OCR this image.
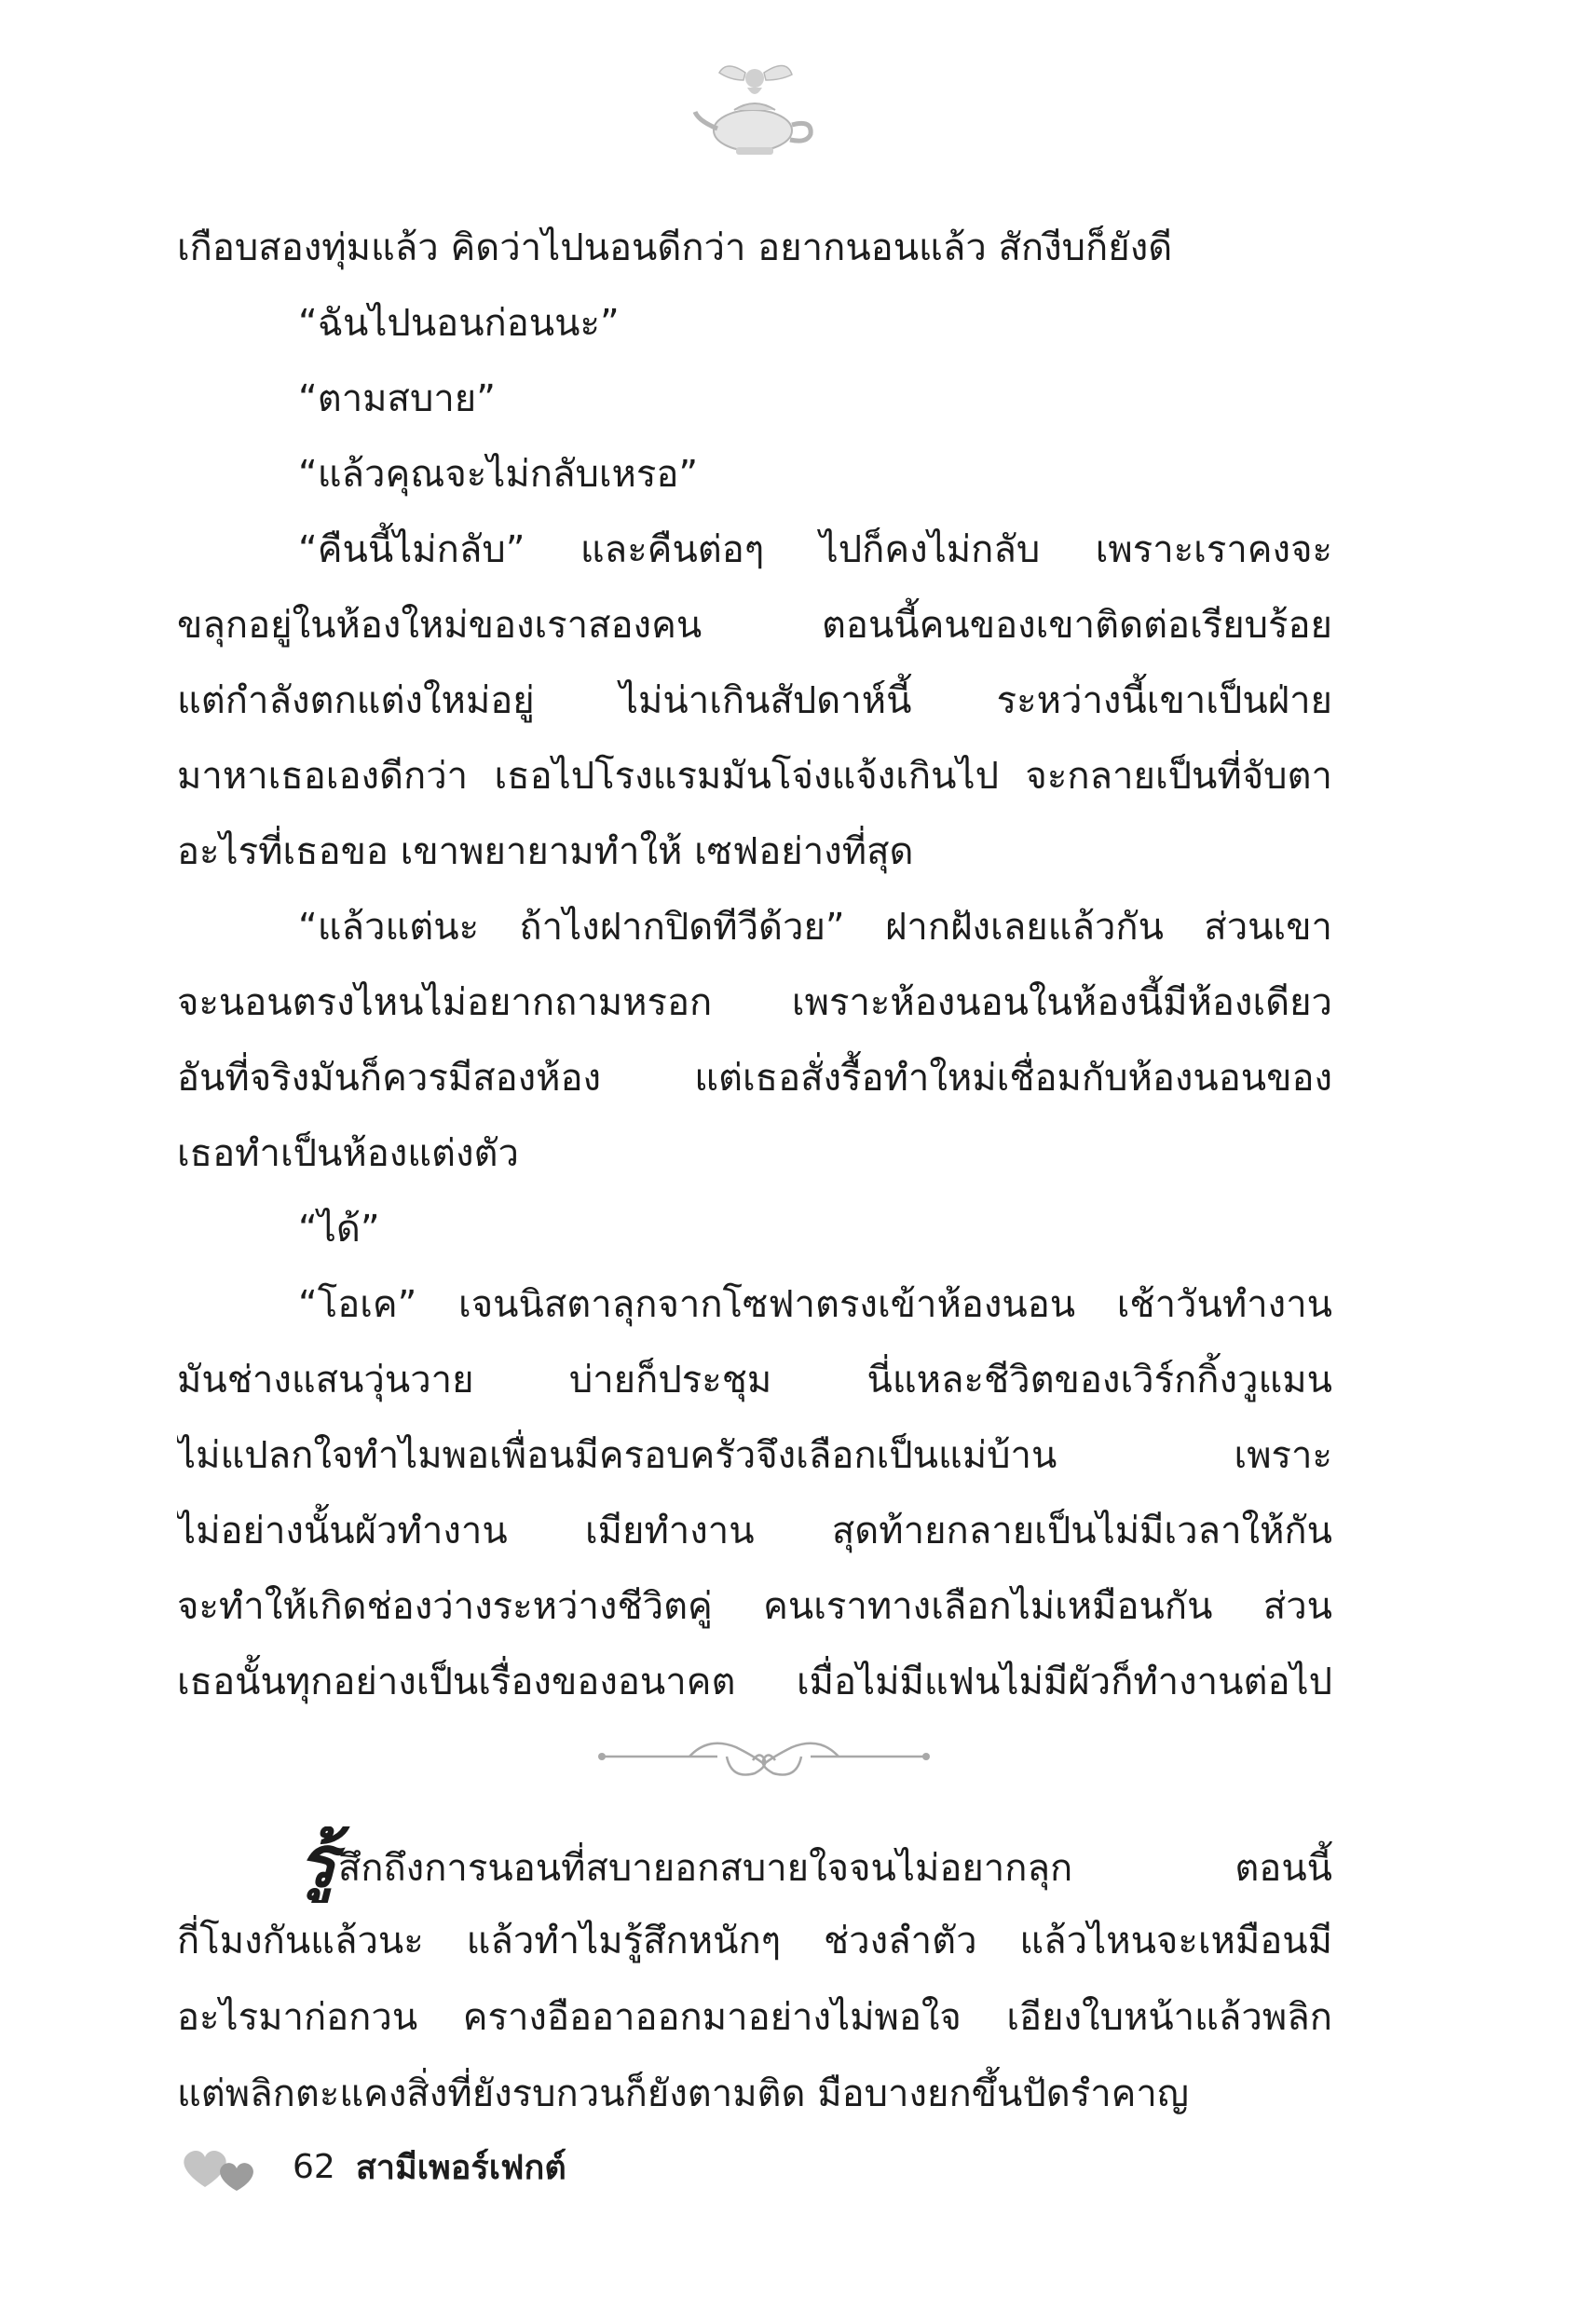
เกือบสองทุ่มแล้ว คิดว่าไปนอนดีกว่า อยากนอนแล้ว สักงีบก็ยังดี
“ฉันไปนอนก่อนนะ”
“ตามสบาย”
“แล้วคุณจะไม่กลับเหรอ”
“คืนนี้ไม่กลับ” และคืนต่อๆ ไปก็คงไม่กลับ เพราะเราคงจะ
ขลุกอยู่ในห้องใหม่ของเราสองคน ตอนนี้คนของเขาติดต่อเรียบร้อย
แต่กำลังตกแต่งใหม่อยู่ ไม่น่าเกินสัปดาห์นี้ ระหว่างนี้เขาเป็นฝ่าย
มาหาเธอเองดีกว่า เธอไปโรงแรมมันโจ่งแจ้งเกินไป จะกลายเป็นที่จับตา
อะไรที่เธอขอ เขาพยายามทำให้ เซฟอย่างที่สุด
“แล้วแต่นะ ถ้าไงฝากปิดทีวีด้วย” ฝากฝังเลยแล้วกัน ส่วนเขา
จะนอนตรงไหนไม่อยากถามหรอก เพราะห้องนอนในห้องนี้มีห้องเดียว
อันที่จริงมันก็ควรมีสองห้อง แต่เธอสั่งรื้อทำใหม่เชื่อมกับห้องนอนของ
เธอทำเป็นห้องแต่งตัว
“ได้”
“โอเค” เจนนิสตาลุกจากโซฟาตรงเข้าห้องนอน เช้าวันทำงาน
มันช่างแสนวุ่นวาย บ่ายก็ประชุม นี่แหละชีวิตของเวิร์กกิ้งวูแมน
ไม่แปลกใจทำไมพอเพื่อนมีครอบครัวจึงเลือกเป็นแม่บ้าน เพราะ
ไม่อย่างนั้นผัวทำงาน เมียทำงาน สุดท้ายกลายเป็นไม่มีเวลาให้กัน
จะทำให้เกิดช่องว่างระหว่างชีวิตคู่ คนเราทางเลือกไม่เหมือนกัน ส่วน
เธอนั้นทุกอย่างเป็นเรื่องของอนาคต เมื่อไม่มีแฟนไม่มีผัวก็ทำงานต่อไป
รู้สึกถึงการนอนที่สบายอกสบายใจจนไม่อยากลุก ตอนนี้
กี่โมงกันแล้วนะ แล้วทำไมรู้สึกหนักๆ ช่วงลำตัว แล้วไหนจะเหมือนมี
อะไรมาก่อกวน ครางอืออาออกมาอย่างไม่พอใจ เอียงใบหน้าแล้วพลิก
แต่พลิกตะแคงสิ่งที่ยังรบกวนก็ยังตามติด มือบางยกขึ้นปัดรำคาญ
62 สามีเพอร์เฟกต์
